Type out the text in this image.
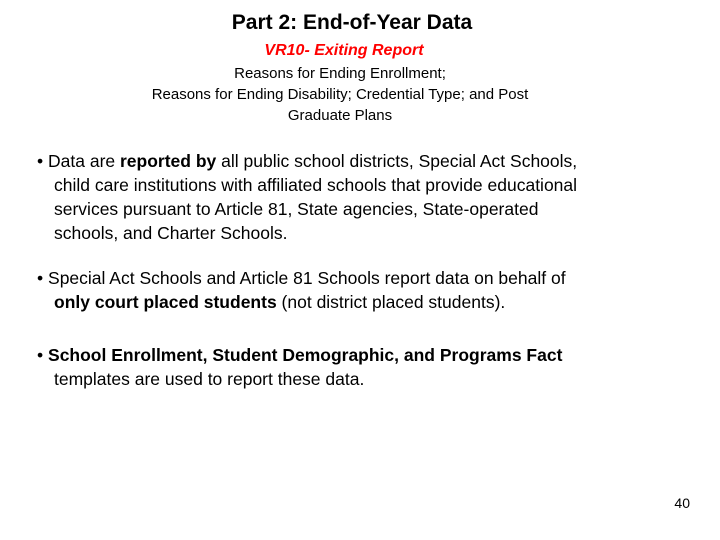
Part 2: End-of-Year Data
VR10- Exiting Report
Reasons for Ending Enrollment;
Reasons for Ending Disability; Credential Type; and Post
Graduate Plans
• Data are reported by all public school districts, Special Act Schools,
child care institutions with affiliated schools that provide educational
services pursuant to Article 81, State agencies, State-operated
schools, and Charter Schools.
• Special Act Schools and Article 81 Schools report data on behalf of
only court placed students (not district placed students).
• School Enrollment, Student Demographic, and Programs Fact
templates are used to report these data.
40
